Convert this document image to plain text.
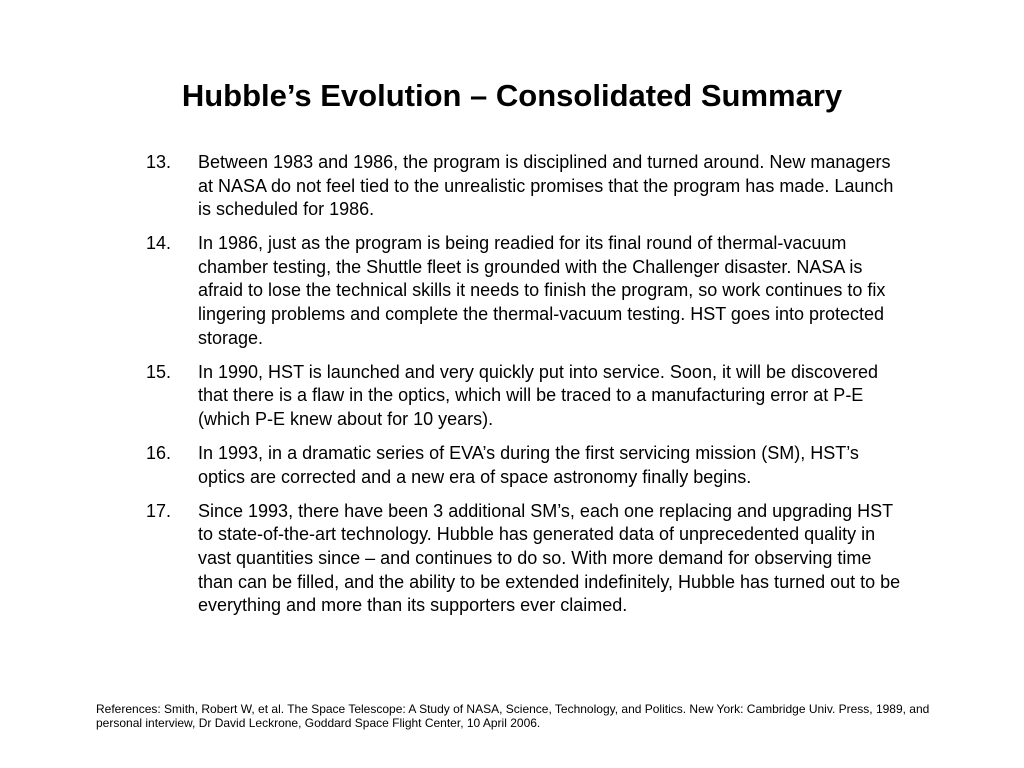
Hubble’s Evolution – Consolidated Summary
13.	Between 1983 and 1986, the program is disciplined and turned around. New managers at NASA do not feel tied to the unrealistic promises that the program has made. Launch is scheduled for 1986.
14.	In 1986, just as the program is being readied for its final round of thermal-vacuum chamber testing, the Shuttle fleet is grounded with the Challenger disaster. NASA is afraid to lose the technical skills it needs to finish the program, so work continues to fix lingering problems and complete the thermal-vacuum testing. HST goes into protected storage.
15.	In 1990, HST is launched and very quickly put into service. Soon, it will be discovered that there is a flaw in the optics, which will be traced to a manufacturing error at P-E (which P-E knew about for 10 years).
16.	In 1993, in a dramatic series of EVA’s during the first servicing mission (SM), HST’s optics are corrected and a new era of space astronomy finally begins.
17.	Since 1993, there have been 3 additional SM’s, each one replacing and upgrading HST to state-of-the-art technology. Hubble has generated data of unprecedented quality in vast quantities since – and continues to do so. With more demand for observing time than can be filled, and the ability to be extended indefinitely, Hubble has turned out to be everything and more than its supporters ever claimed.

References: Smith, Robert W, et al. The Space Telescope: A Study of NASA, Science, Technology, and Politics. New York: Cambridge Univ. Press, 1989, and personal interview, Dr David Leckrone, Goddard Space Flight Center, 10 April 2006.
